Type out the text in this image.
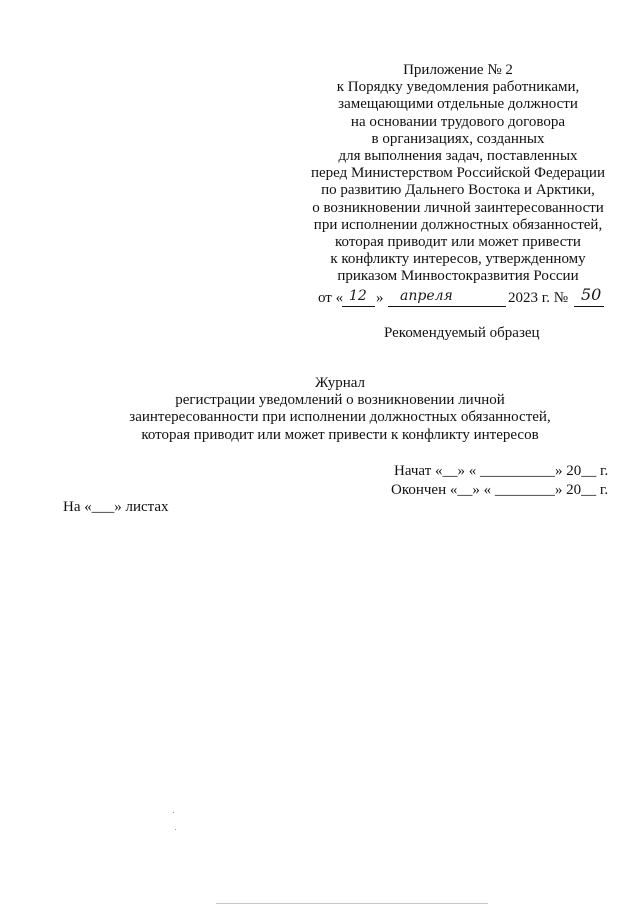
Приложение № 2
к Порядку уведомления работниками,
замещающими отдельные должности
на основании трудового договора
в организациях, созданных
для выполнения задач, поставленных
перед Министерством Российской Федерации
по развитию Дальнего Востока и Арктики,
о возникновении личной заинтересованности
при исполнении должностных обязанностей,
которая приводит или может привести
к конфликту интересов, утвержденному
приказом Минвостокразвития России
от « 12 » апреля	2023 г. № 50
Рекомендуемый образец
Журнал
регистрации уведомлений о возникновении личной
заинтересованности при исполнении должностных обязанностей,
которая приводит или может привести к конфликту интересов
Начат «__» « __________» 20__ г.
Окончен «__» « ________» 20__ г.
На «___» листах
